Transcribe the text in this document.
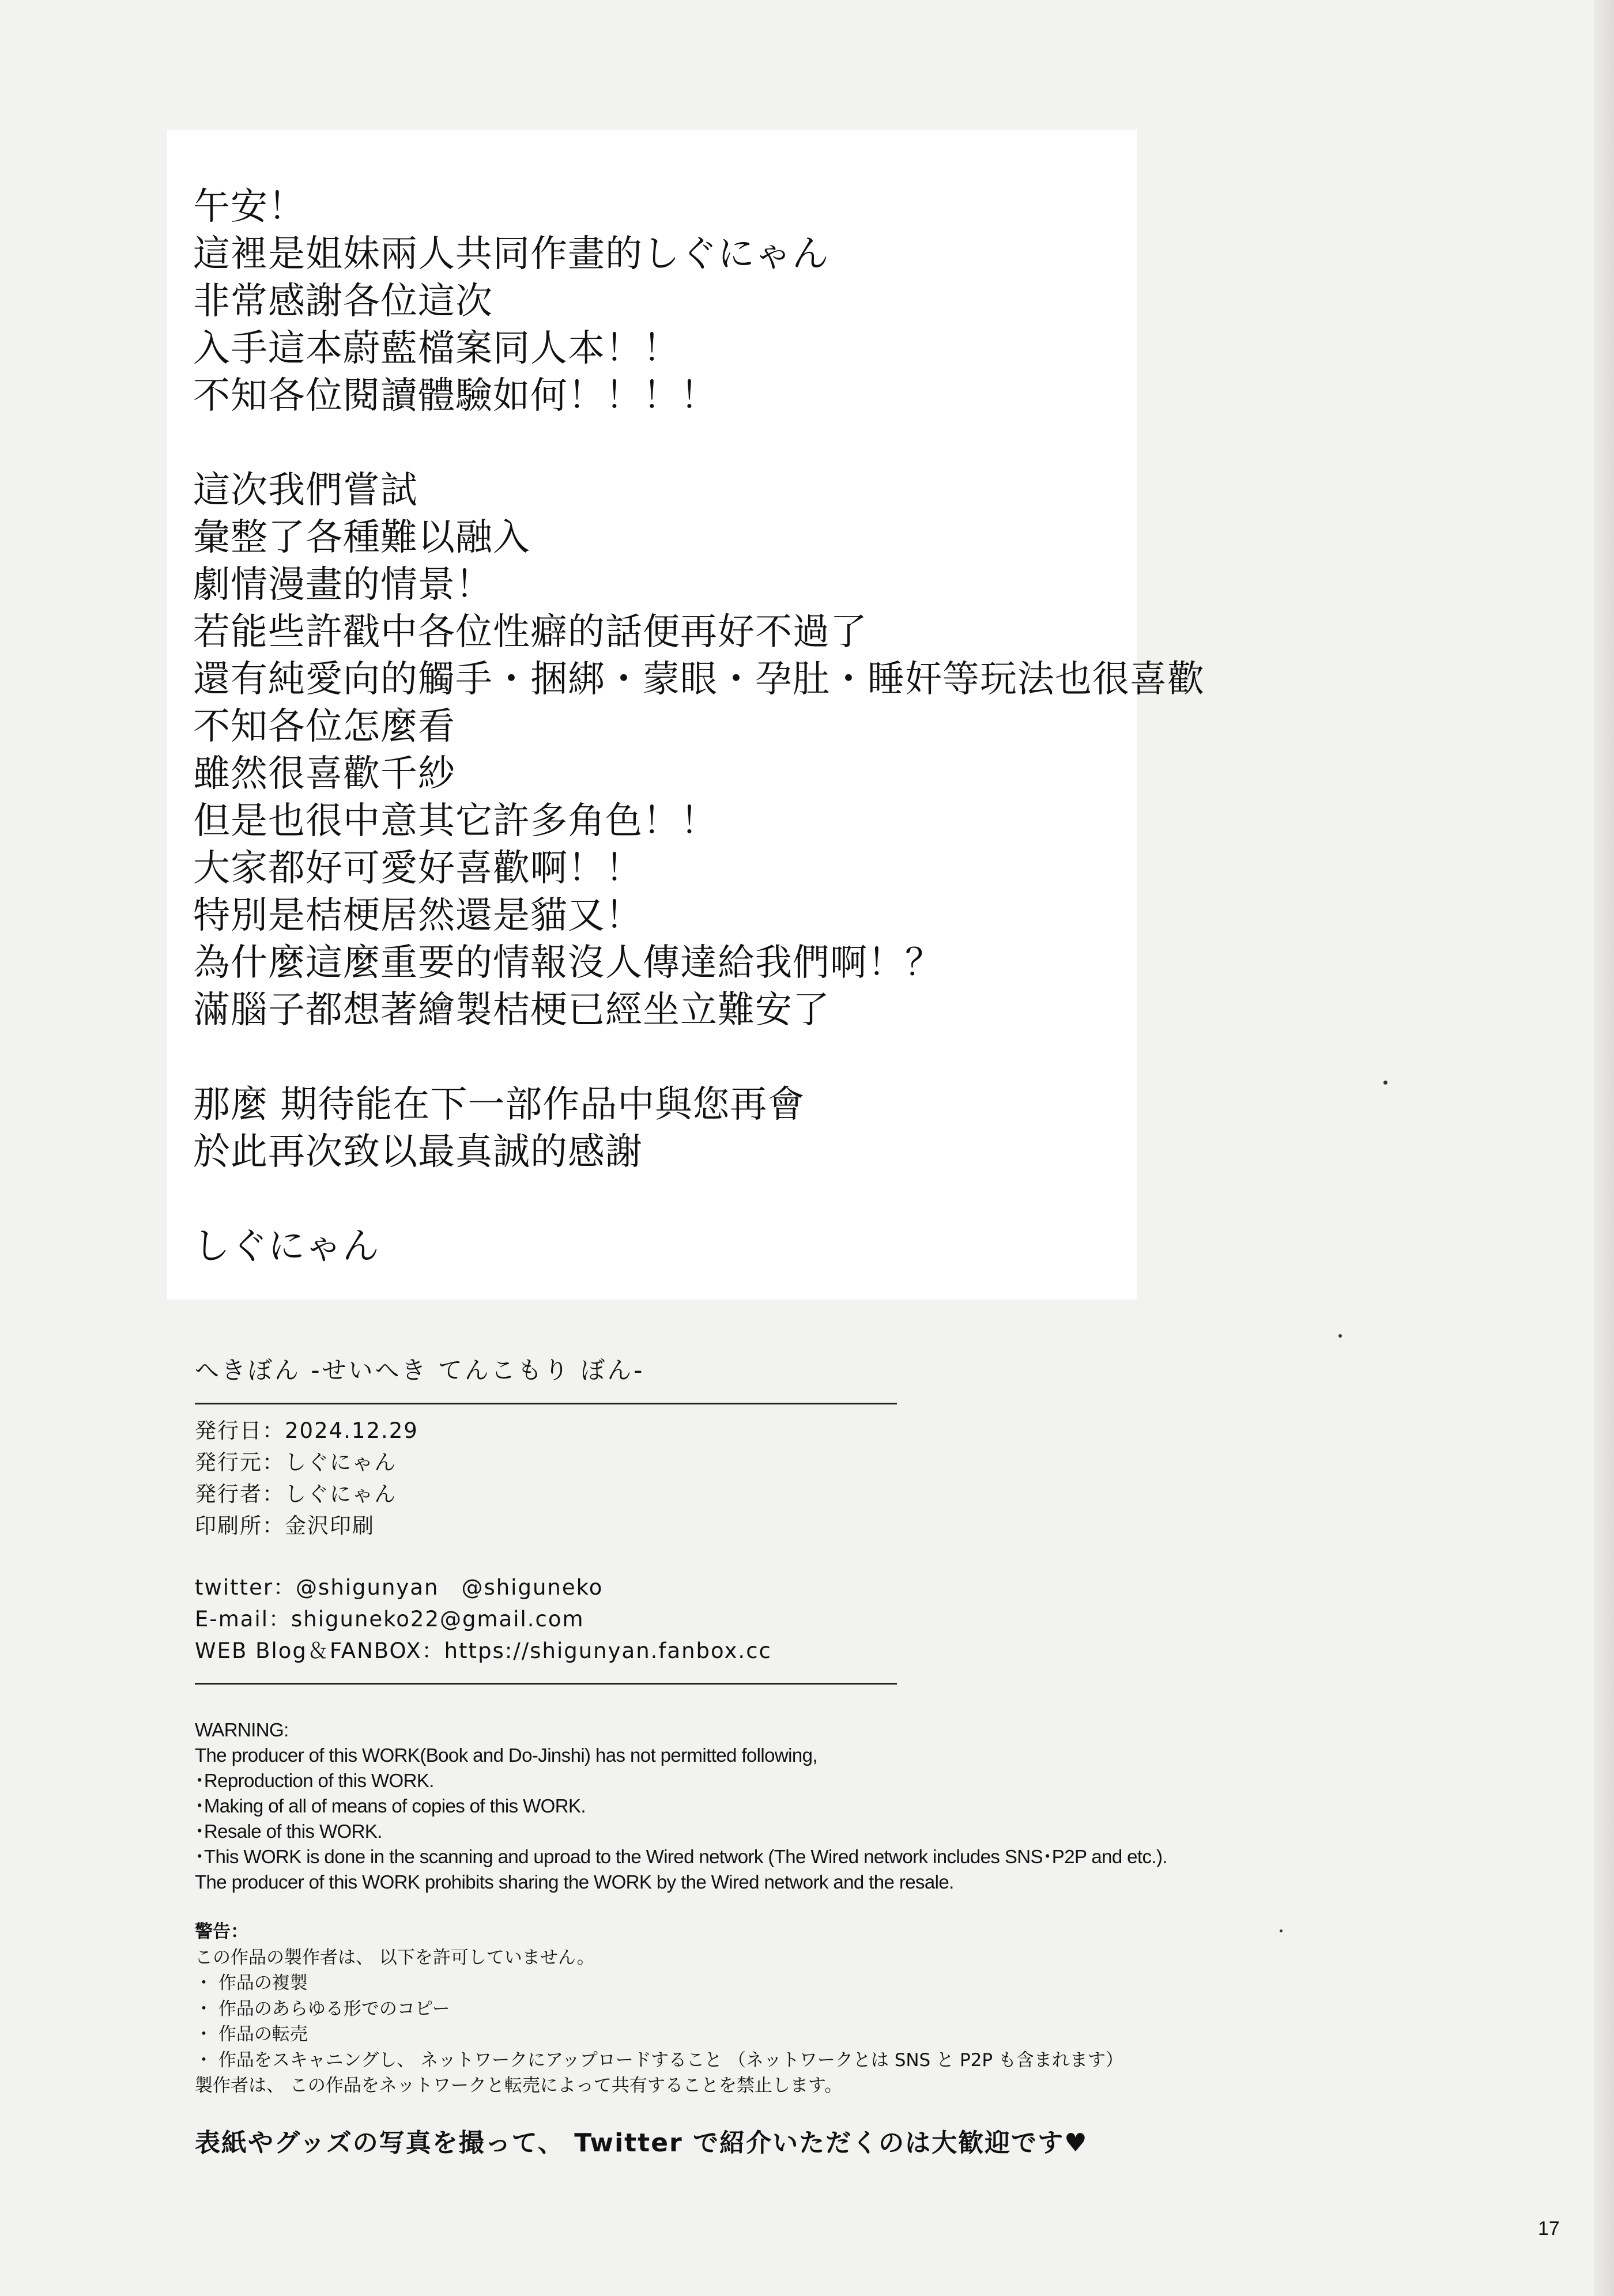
午安！
這裡是姐妹兩人共同作畫的しぐにゃん
非常感謝各位這次
入手這本蔚藍檔案同人本！！
不知各位閱讀體驗如何！！！！
這次我們嘗試
彙整了各種難以融入
劇情漫畫的情景！
若能些許戳中各位性癖的話便再好不過了
還有純愛向的觸手・捆綁・蒙眼・孕肚・睡奸等玩法也很喜歡
不知各位怎麼看
雖然很喜歡千紗
但是也很中意其它許多角色！！
大家都好可愛好喜歡啊！！
特別是桔梗居然還是貓又！
為什麼這麼重要的情報沒人傳達給我們啊！？
滿腦子都想著繪製桔梗已經坐立難安了
那麼 期待能在下一部作品中與您再會
於此再次致以最真誠的感謝
しぐにゃん
へきぼん -せいへき てんこもり ぼん-
発行日：2024.12.29
発行元：しぐにゃん
発行者：しぐにゃん
印刷所：金沢印刷
twitter：@shigunyan　@shiguneko
E-mail：shiguneko22@gmail.com
WEB Blog＆FANBOX：https://shigunyan.fanbox.cc
WARNING:
The producer of this WORK(Book and Do-Jinshi) has not permitted following,
･Reproduction of this WORK.
･Making of all of means of copies of this WORK.
･Resale of this WORK.
･This WORK is done in the scanning and uproad to the Wired network (The Wired network includes SNS･P2P and etc.).
The producer of this WORK prohibits sharing the WORK by the Wired network and the resale.
警告：
この作品の製作者は、 以下を許可していません。
・ 作品の複製
・ 作品のあらゆる形でのコピー
・ 作品の転売
・ 作品をスキャニングし、 ネットワークにアップロードすること （ネットワークとは SNS と P2P も含まれます）
製作者は、 この作品をネットワークと転売によって共有することを禁止します。
表紙やグッズの写真を撮って、 Twitter で紹介いただくのは大歓迎です♥
17
